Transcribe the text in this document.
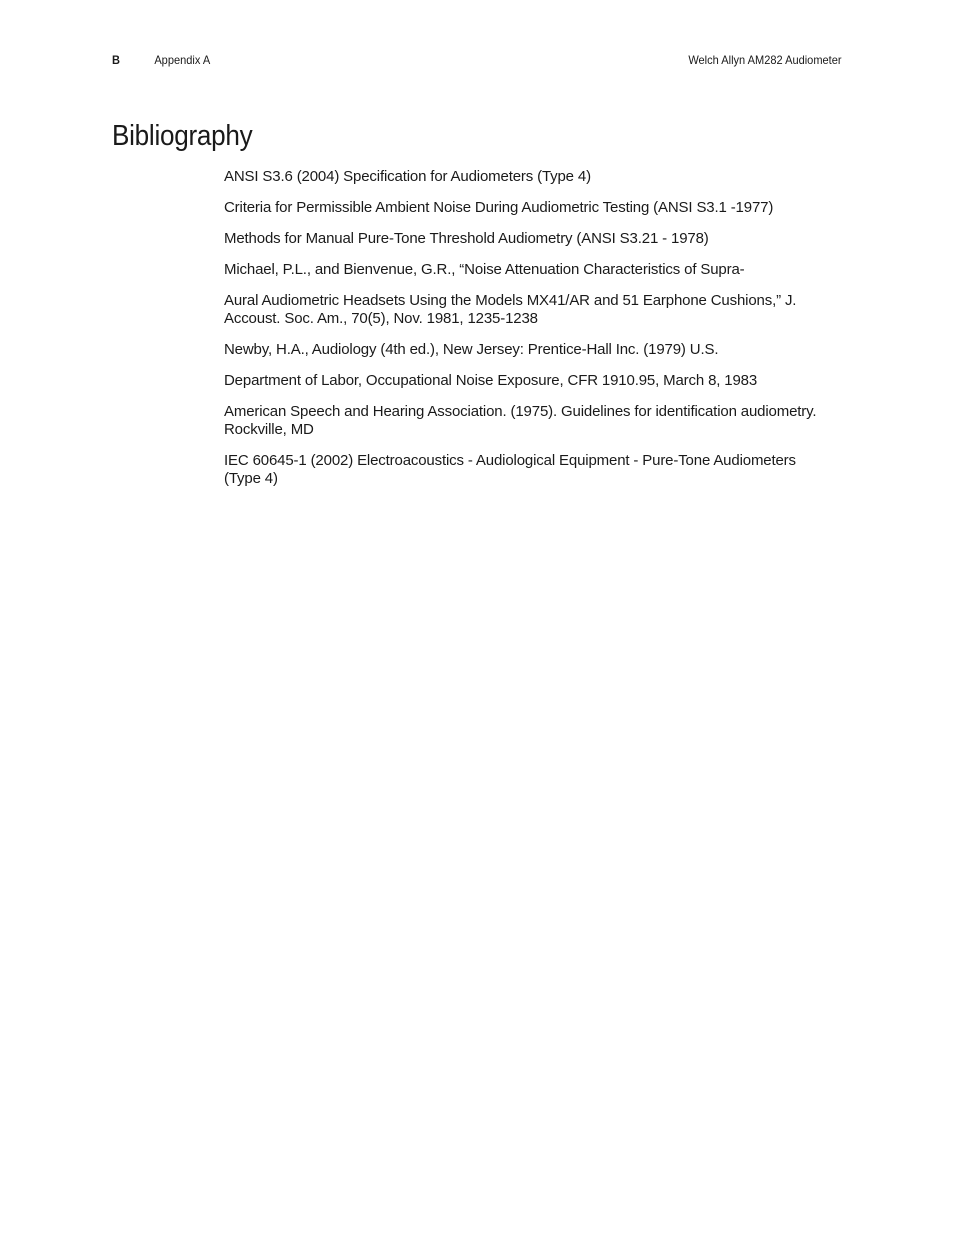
B	Appendix A	Welch Allyn AM282 Audiometer
Bibliography
ANSI S3.6 (2004) Specification for Audiometers (Type 4)
Criteria for Permissible Ambient Noise During Audiometric Testing (ANSI S3.1 -1977)
Methods for Manual Pure-Tone Threshold Audiometry (ANSI S3.21 - 1978)
Michael, P.L., and Bienvenue, G.R., “Noise Attenuation Characteristics of Supra-
Aural Audiometric Headsets Using the Models MX41/AR and 51 Earphone Cushions,” J. Accoust. Soc. Am., 70(5), Nov. 1981, 1235-1238
Newby, H.A., Audiology (4th ed.), New Jersey: Prentice-Hall Inc. (1979) U.S.
Department of Labor, Occupational Noise Exposure, CFR 1910.95, March 8, 1983
American Speech and Hearing Association. (1975). Guidelines for identification audiometry. Rockville, MD
IEC 60645-1 (2002) Electroacoustics - Audiological Equipment - Pure-Tone Audiometers (Type 4)
